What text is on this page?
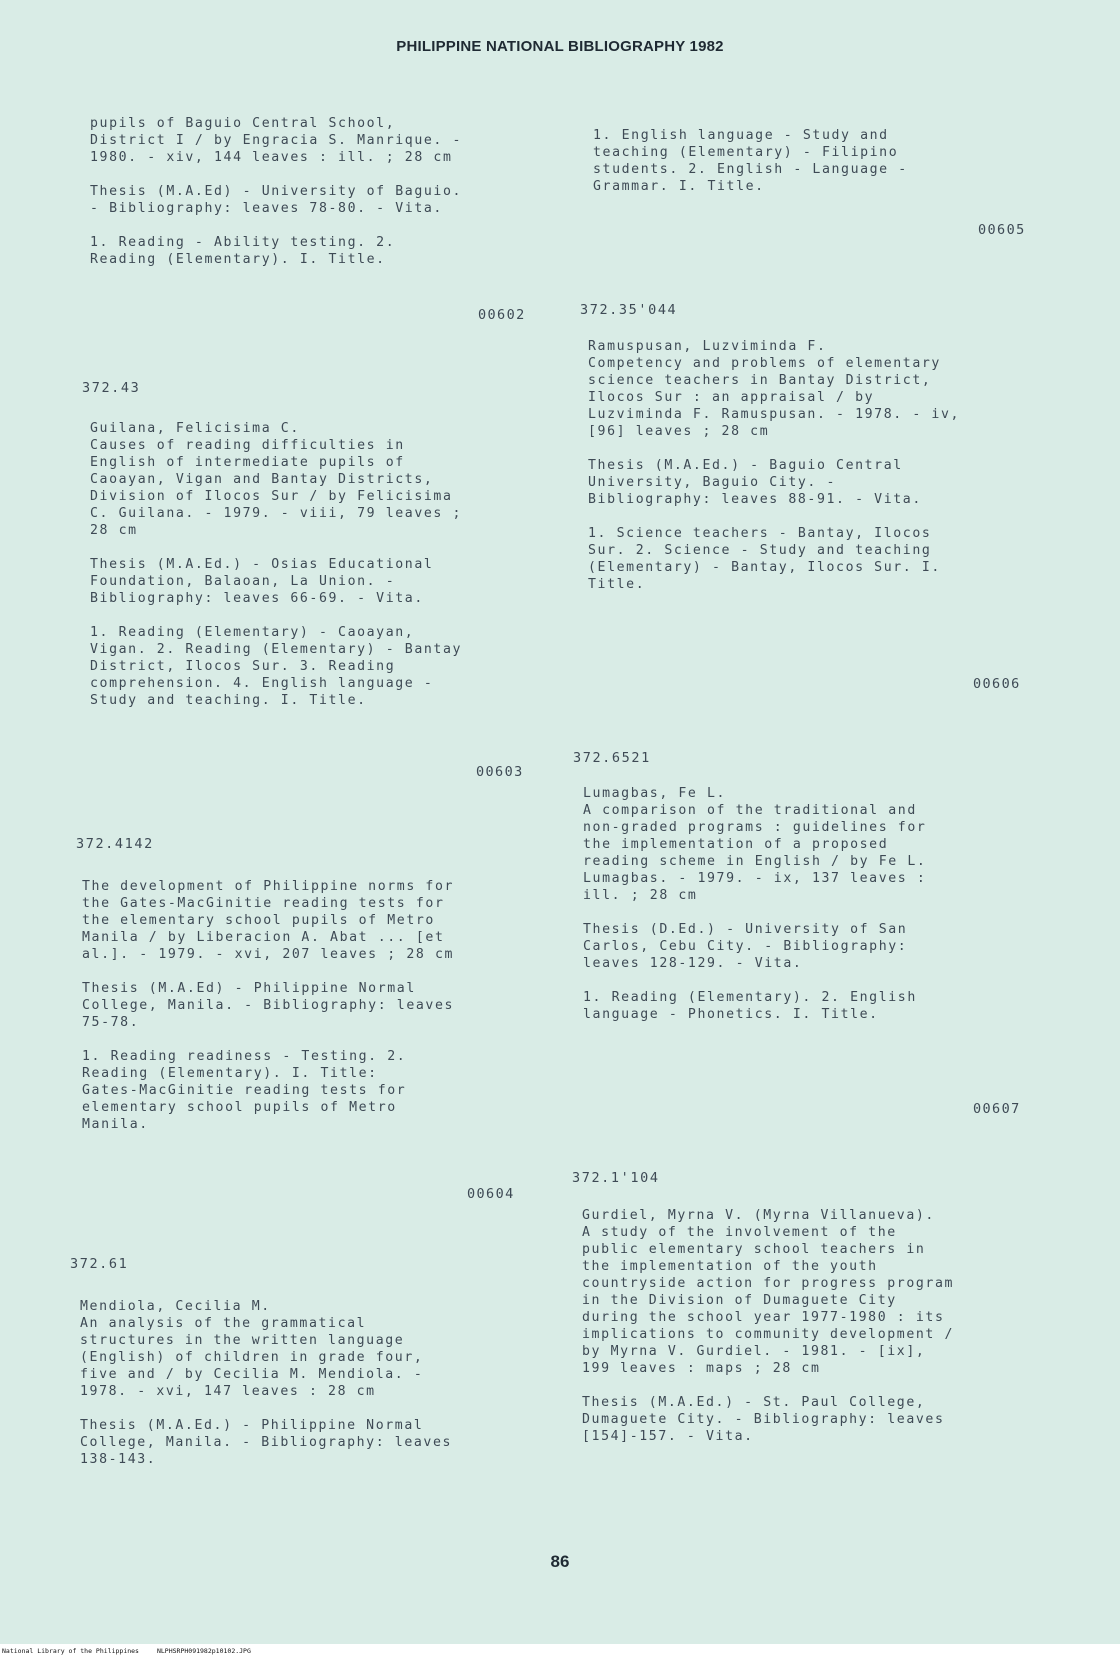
PHILIPPINE NATIONAL BIBLIOGRAPHY 1982

pupils of Baguio Central School,
District I / by Engracia S. Manrique. -
1980. - xiv, 144 leaves : ill. ; 28 cm

Thesis (M.A.Ed) - University of Baguio.
- Bibliography: leaves 78-80. - Vita.

1. Reading - Ability testing. 2.
Reading (Elementary). I. Title.

00602
372.43

Guilana, Felicisima C.
Causes of reading difficulties in
English of intermediate pupils of
Caoayan, Vigan and Bantay Districts,
Division of Ilocos Sur / by Felicisima
C. Guilana. - 1979. - viii, 79 leaves ;
28 cm

Thesis (M.A.Ed.) - Osias Educational
Foundation, Balaoan, La Union. -
Bibliography: leaves 66-69. - Vita.

1. Reading (Elementary) - Caoayan,
Vigan. 2. Reading (Elementary) - Bantay
District, Ilocos Sur. 3. Reading
comprehension. 4. English language -
Study and teaching. I. Title.

00603
372.4142

The development of Philippine norms for
the Gates-MacGinitie reading tests for
the elementary school pupils of Metro
Manila / by Liberacion A. Abat ... [et
al.]. - 1979. - xvi, 207 leaves ; 28 cm

Thesis (M.A.Ed) - Philippine Normal
College, Manila. - Bibliography: leaves
75-78.

1. Reading readiness - Testing. 2.
Reading (Elementary). I. Title:
Gates-MacGinitie reading tests for
elementary school pupils of Metro
Manila.

00604
372.61

Mendiola, Cecilia M.
An analysis of the grammatical
structures in the written language
(English) of children in grade four,
five and / by Cecilia M. Mendiola. -
1978. - xvi, 147 leaves : 28 cm

Thesis (M.A.Ed.) - Philippine Normal
College, Manila. - Bibliography: leaves
138-143.

1. English language - Study and
teaching (Elementary) - Filipino
students. 2. English - Language -
Grammar. I. Title.

00605
372.35'044

Ramuspusan, Luzviminda F.
Competency and problems of elementary
science teachers in Bantay District,
Ilocos Sur : an appraisal / by
Luzviminda F. Ramuspusan. - 1978. - iv,
[96] leaves ; 28 cm

Thesis (M.A.Ed.) - Baguio Central
University, Baguio City. -
Bibliography: leaves 88-91. - Vita.

1. Science teachers - Bantay, Ilocos
Sur. 2. Science - Study and teaching
(Elementary) - Bantay, Ilocos Sur. I.
Title.

00606
372.6521

Lumagbas, Fe L.
A comparison of the traditional and
non-graded programs : guidelines for
the implementation of a proposed
reading scheme in English / by Fe L.
Lumagbas. - 1979. - ix, 137 leaves :
ill. ; 28 cm

Thesis (D.Ed.) - University of San
Carlos, Cebu City. - Bibliography:
leaves 128-129. - Vita.

1. Reading (Elementary). 2. English
language - Phonetics. I. Title.

00607
372.1'104

Gurdiel, Myrna V. (Myrna Villanueva).
A study of the involvement of the
public elementary school teachers in
the implementation of the youth
countryside action for progress program
in the Division of Dumaguete City
during the school year 1977-1980 : its
implications to community development /
by Myrna V. Gurdiel. - 1981. - [ix],
199 leaves : maps ; 28 cm

Thesis (M.A.Ed.) - St. Paul College,
Dumaguete City. - Bibliography: leaves
[154]-157. - Vita.

86
National Library of the Philippines	NLPHSRPH091982p10102.JPG
